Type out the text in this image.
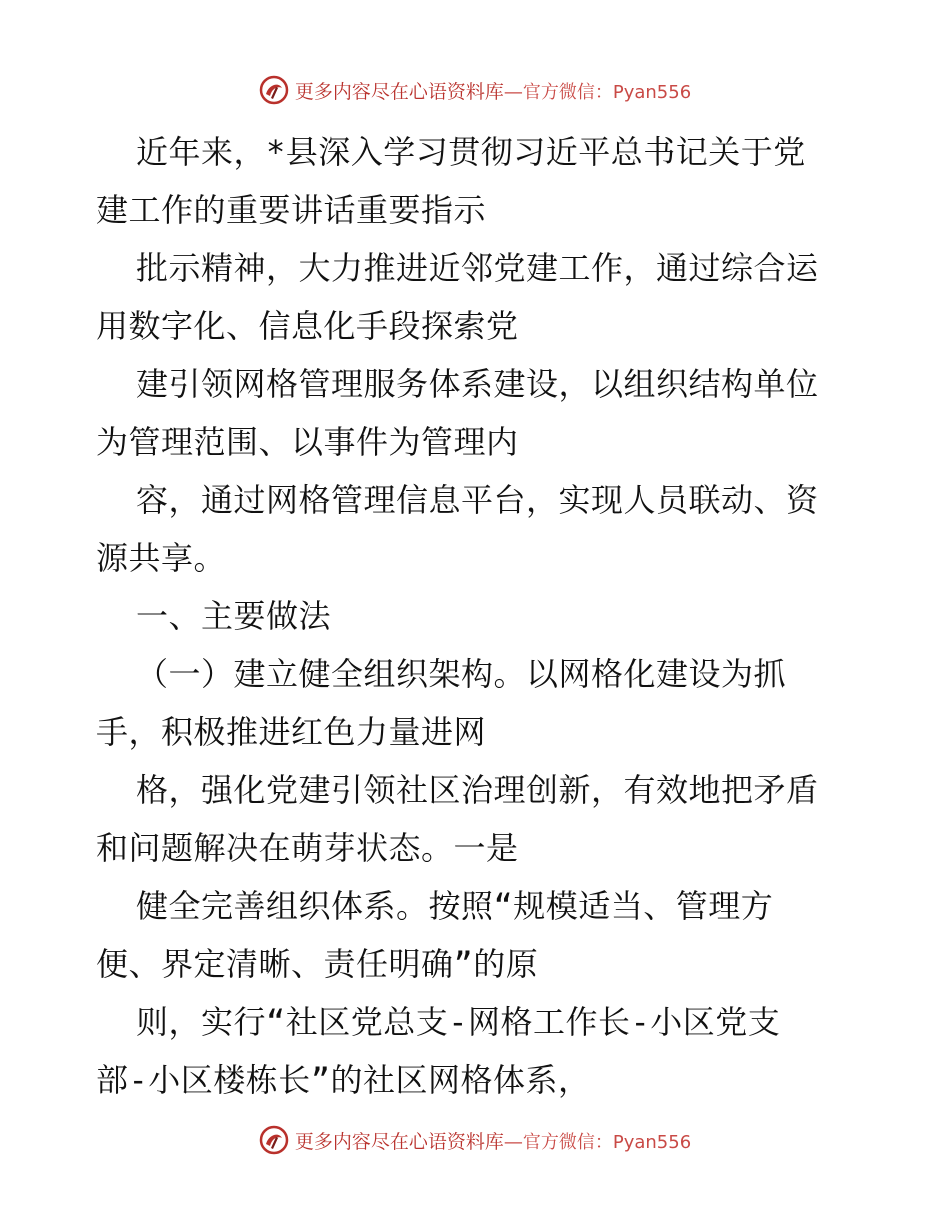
更多内容尽在心语资料库—官方微信：Pyan556
近年来，*县深入学习贯彻习近平总书记关于党
建工作的重要讲话重要指示
批示精神，大力推进近邻党建工作，通过综合运
用数字化、信息化手段探索党
建引领网格管理服务体系建设，以组织结构单位
为管理范围、以事件为管理内
容，通过网格管理信息平台，实现人员联动、资
源共享。
一、主要做法
（一）建立健全组织架构。以网格化建设为抓
手，积极推进红色力量进网
格，强化党建引领社区治理创新，有效地把矛盾
和问题解决在萌芽状态。一是
健全完善组织体系。按照“规模适当、管理方
便、界定清晰、责任明确”的原
则，实行“社区党总支-网格工作长-小区党支
部-小区楼栋长”的社区网格体系，
更多内容尽在心语资料库—官方微信：Pyan556
